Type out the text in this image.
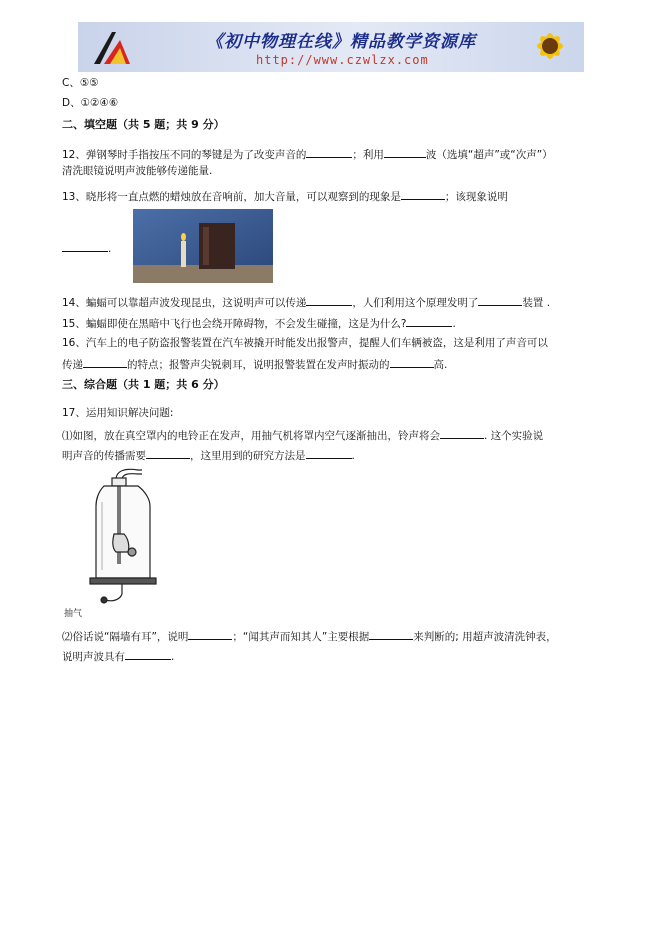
《初中物理在线》精品教学资源库
http://www.czwlzx.com
C、⑤⑤
D、①②④⑥
二、填空题（共 5 题；共 9 分）
12、弹钢琴时手指按压不同的琴键是为了改变声音的	；利用	波（选填“超声”或“次声”）
清洗眼镜说明声波能够传递能量.
13、晓彤将一直点燃的蜡烛放在音响前，加大音量，可以观察到的现象是	；该现象说明
.
14、蝙蝠可以靠超声波发现昆虫，这说明声可以传递	，人们利用这个原理发明了	装置 .
15、蝙蝠即使在黑暗中飞行也会绕开障碍物，不会发生碰撞，这是为什么?	.
16、汽车上的电子防盗报警装置在汽车被撬开时能发出报警声，提醒人们车辆被盗，这是利用了声音可以
传递	的特点；报警声尖锐刺耳，说明报警装置在发声时振动的	高.
三、综合题（共 1 题；共 6 分）
17、运用知识解决问题:
⑴如图，放在真空罩内的电铃正在发声，用抽气机将罩内空气逐渐抽出，铃声将会	. 这个实验说
明声音的传播需要	，这里用到的研究方法是	.
抽气
⑵俗话说“隔墙有耳”，说明	；“闻其声而知其人”主要根据	来判断的; 用超声波清洗钟表，
说明声波具有	.
